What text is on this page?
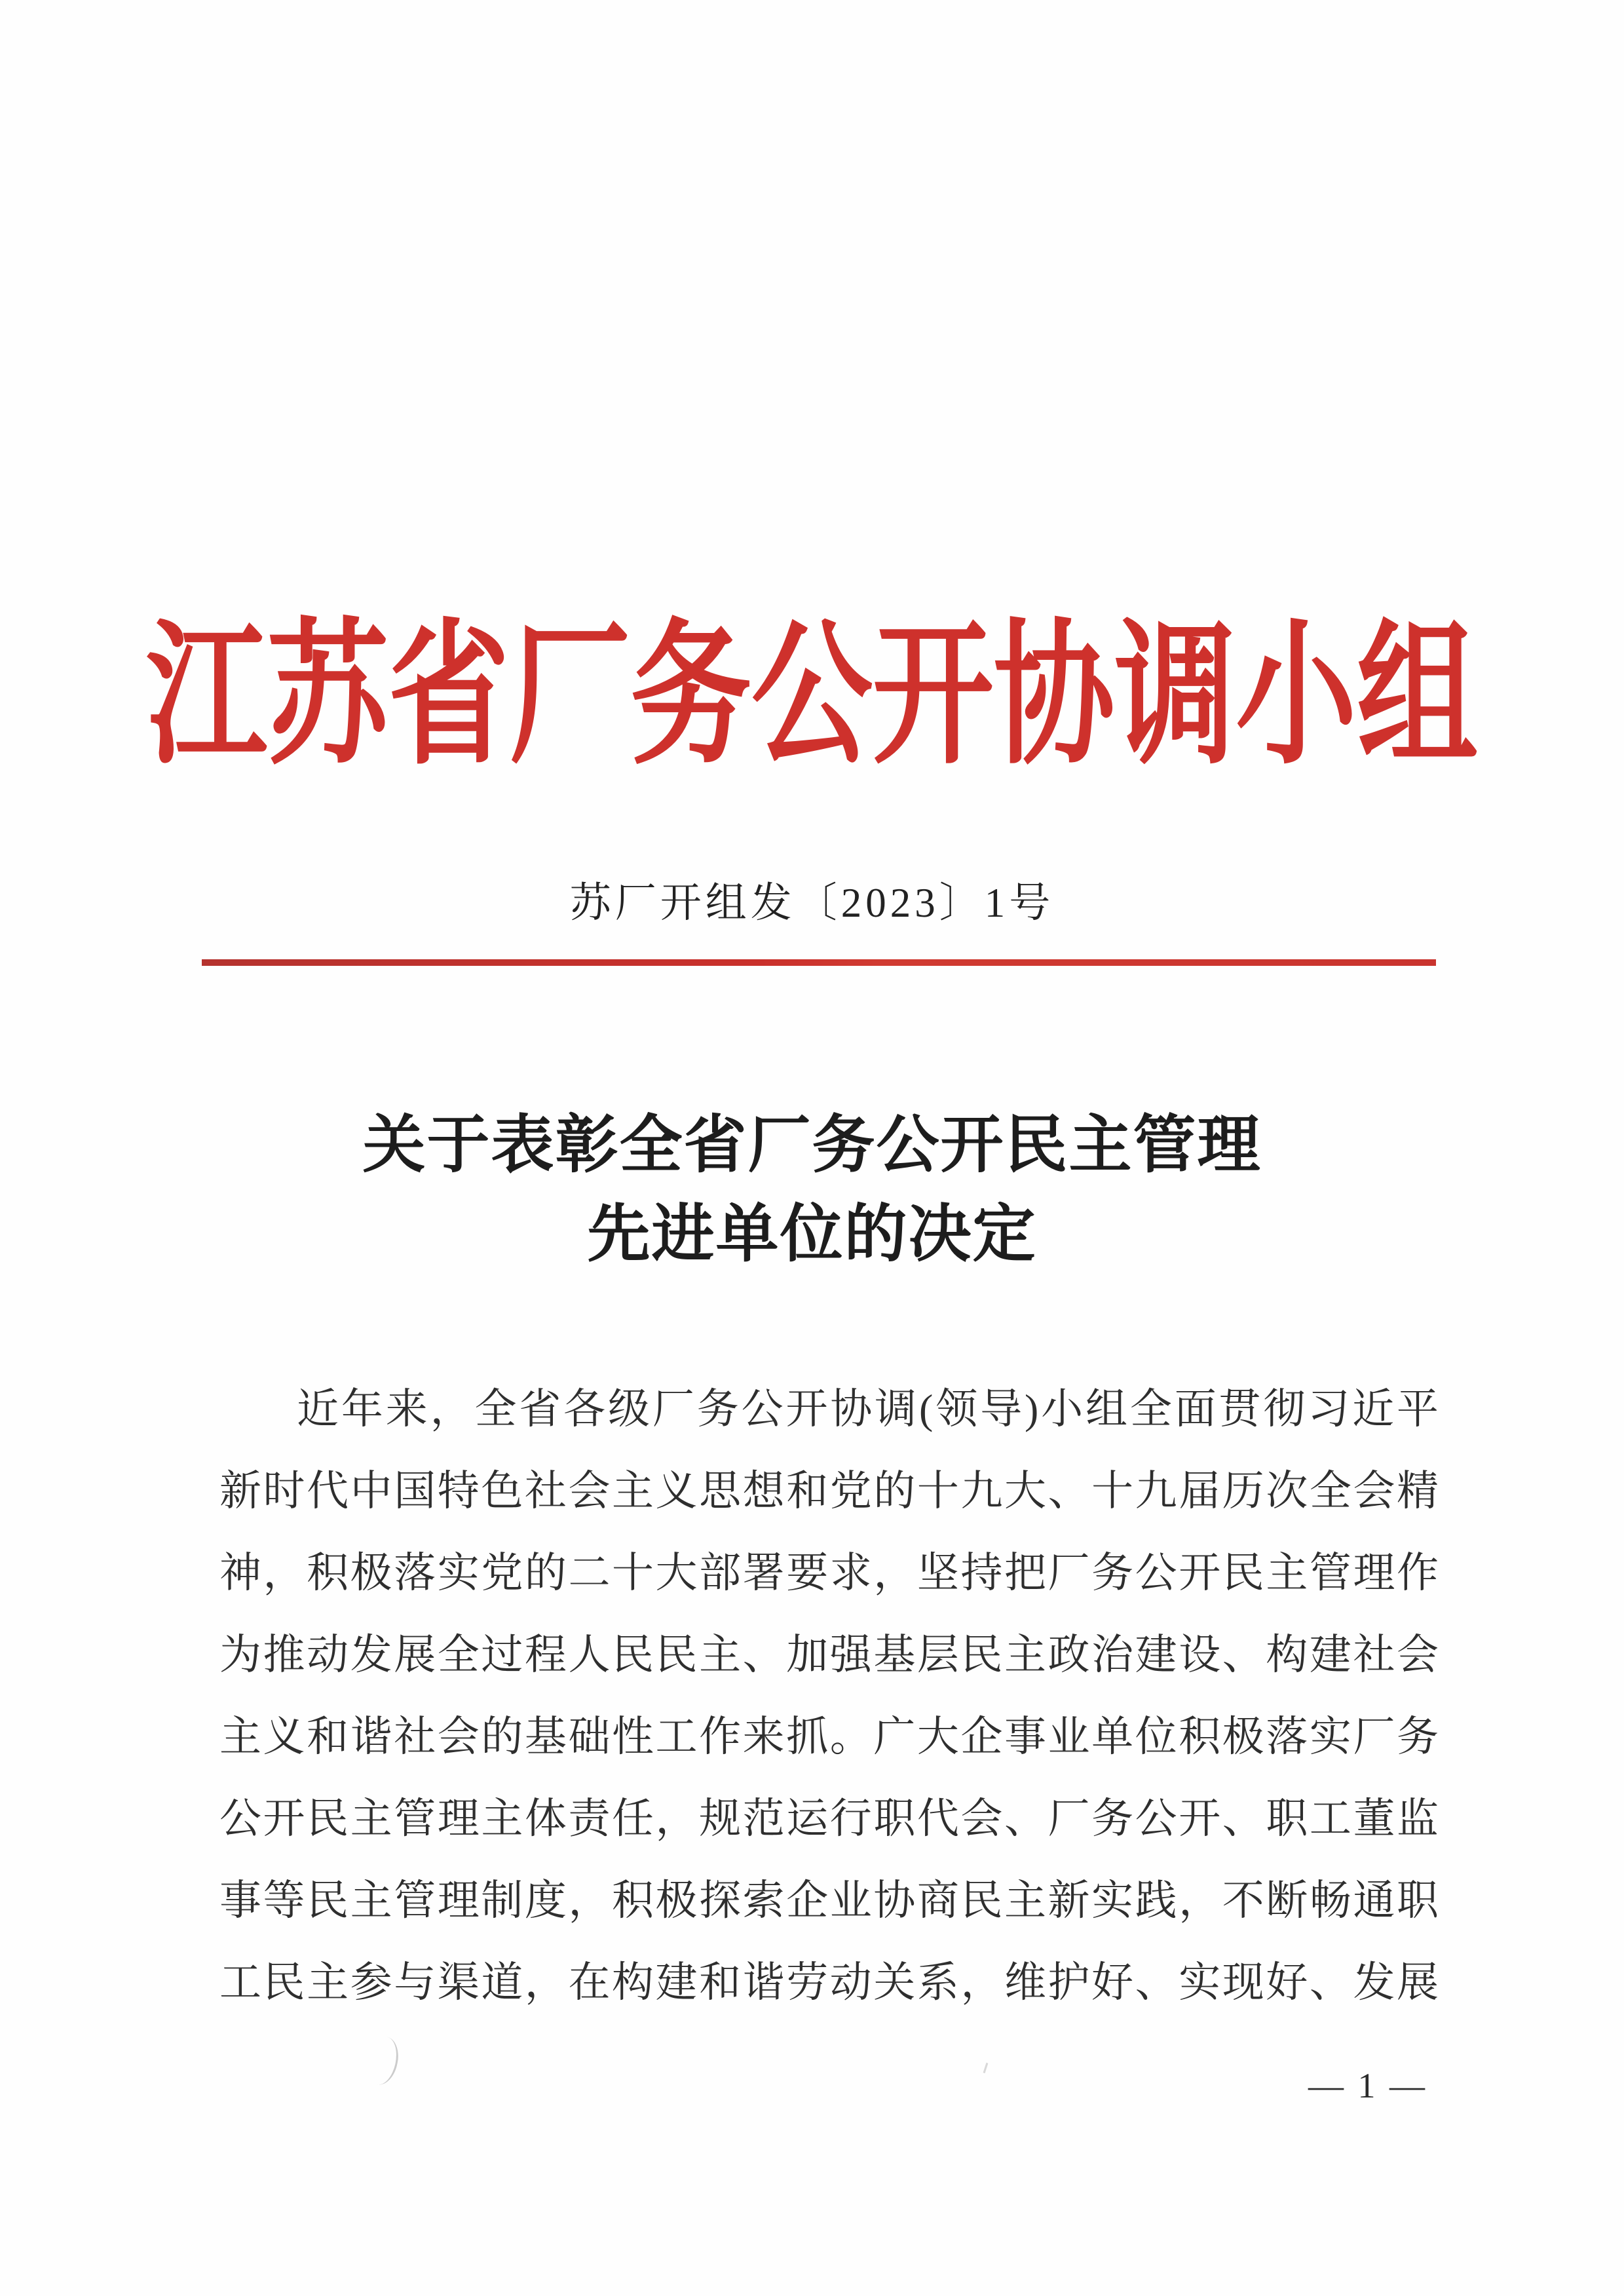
江苏省厂务公开协调小组
苏厂开组发〔2023〕1号
关于表彰全省厂务公开民主管理
先进单位的决定
近年来，全省各级厂务公开协调(领导)小组全面贯彻习近平
新时代中国特色社会主义思想和党的十九大、十九届历次全会精
神，积极落实党的二十大部署要求，坚持把厂务公开民主管理作
为推动发展全过程人民民主、加强基层民主政治建设、构建社会
主义和谐社会的基础性工作来抓。广大企事业单位积极落实厂务
公开民主管理主体责任，规范运行职代会、厂务公开、职工董监
事等民主管理制度，积极探索企业协商民主新实践，不断畅通职
工民主参与渠道，在构建和谐劳动关系，维护好、实现好、发展
— 1 —
